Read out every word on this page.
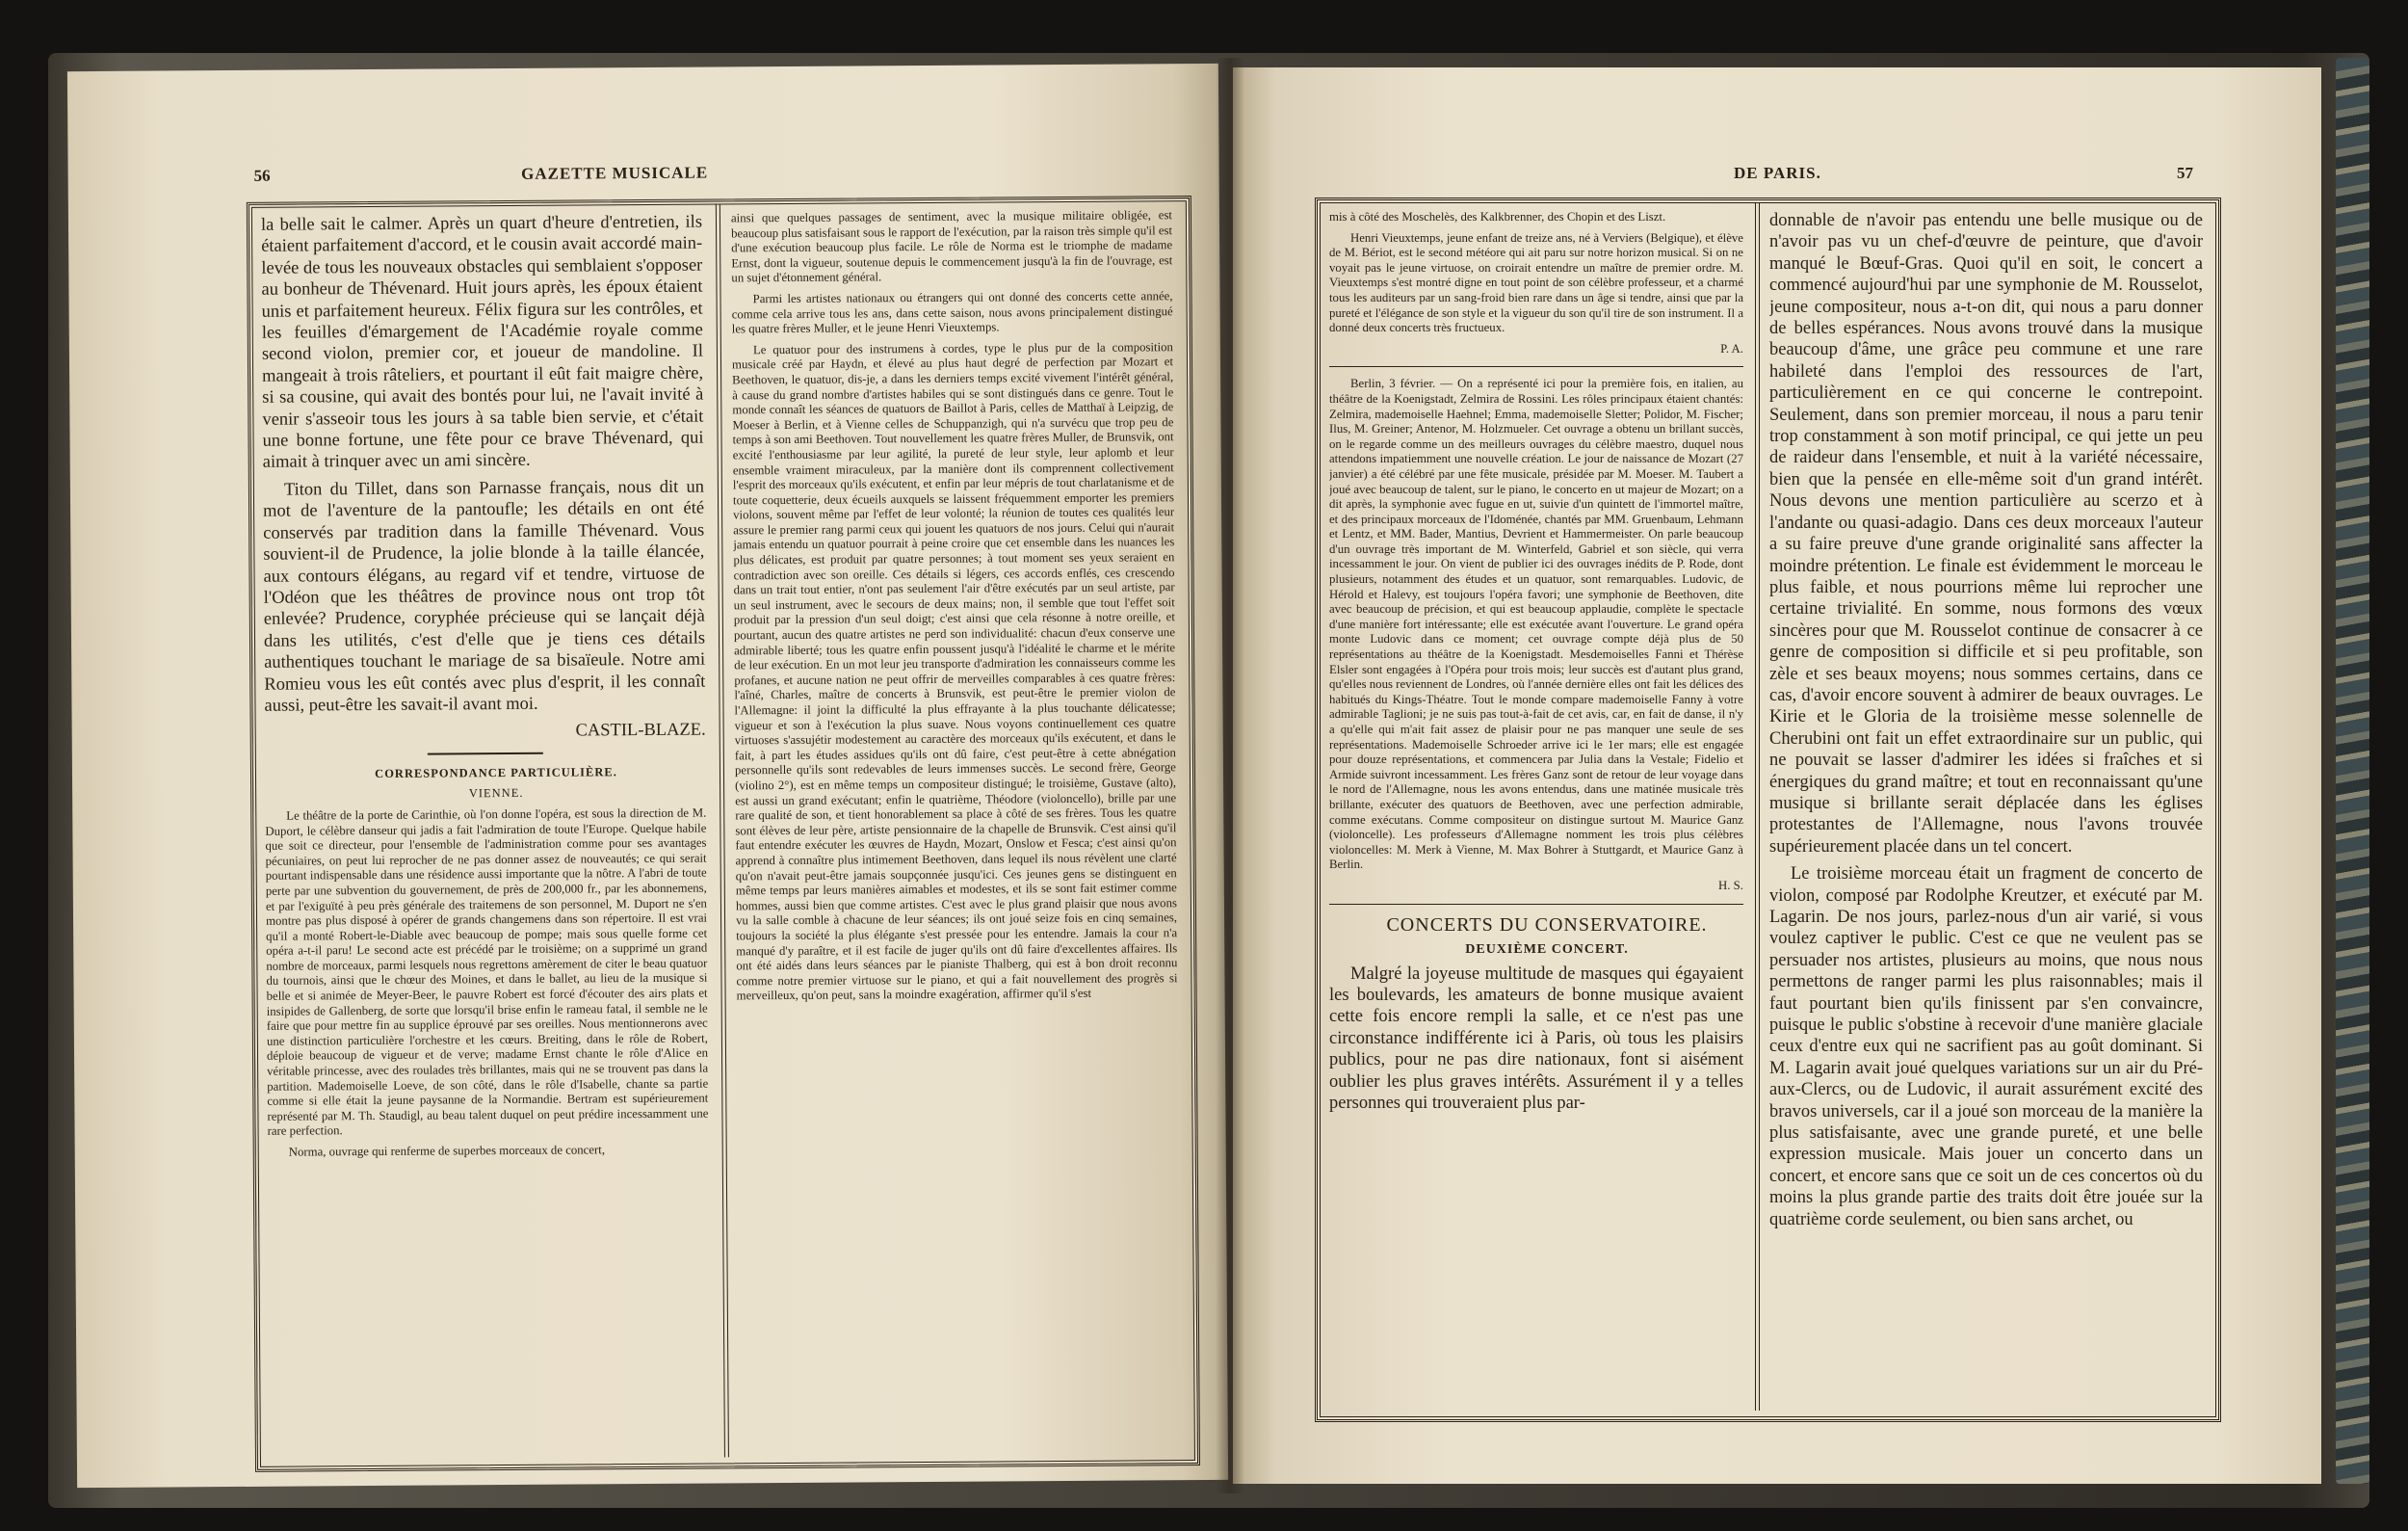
56	GAZETTE MUSICALE

la belle sait le calmer. Après un quart d'heure d'entretien, ils étaient parfaitement d'accord, et le cousin avait accordé main-levée de tous les nouveaux obstacles qui semblaient s'opposer au bonheur de Thévenard. Huit jours après, les époux étaient unis et parfaitement heureux. Félix figura sur les contrôles, et les feuilles d'émargement de l'Académie royale comme second violon, premier cor, et joueur de mandoline. Il mangeait à trois râteliers, et pourtant il eût fait maigre chère, si sa cousine, qui avait des bontés pour lui, ne l'avait invité à venir s'asseoir tous les jours à sa table bien servie, et c'était une bonne fortune, une fête pour ce brave Thévenard, qui aimait à trinquer avec un ami sincère.

Titon du Tillet, dans son Parnasse français, nous dit un mot de l'aventure de la pantoufle; les détails en ont été conservés par tradition dans la famille Thévenard. Vous souvient-il de Prudence, la jolie blonde à la taille élancée, aux contours élégans, au regard vif et tendre, virtuose de l'Odéon que les théâtres de province nous ont trop tôt enlevée? Prudence, coryphée précieuse qui se lançait déjà dans les utilités, c'est d'elle que je tiens ces détails authentiques touchant le mariage de sa bisaïeule. Notre ami Romieu vous les eût contés avec plus d'esprit, il les connaît aussi, peut-être les savait-il avant moi.

CASTIL-BLAZE.

CORRESPONDANCE PARTICULIÈRE.

VIENNE.

Le théâtre de la porte de Carinthie, où l'on donne l'opéra, est sous la direction de M. Duport, le célèbre danseur qui jadis a fait l'admiration de toute l'Europe. Quelque habile que soit ce directeur, pour l'ensemble de l'administration comme pour ses avantages pécuniaires, on peut lui reprocher de ne pas donner assez de nouveautés; ce qui serait pourtant indispensable dans une résidence aussi importante que la nôtre. A l'abri de toute perte par une subvention du gouvernement, de près de 200,000 fr., par les abonnemens, et par l'exiguïté à peu près générale des traitemens de son personnel, M. Duport ne s'en montre pas plus disposé à opérer de grands changemens dans son répertoire. Il est vrai qu'il a monté Robert-le-Diable avec beaucoup de pompe; mais sous quelle forme cet opéra a-t-il paru! Le second acte est précédé par le troisième; on a supprimé un grand nombre de morceaux, parmi lesquels nous regrettons amèrement de citer le beau quatuor du tournois, ainsi que le chœur des Moines, et dans le ballet, au lieu de la musique si belle et si animée de Meyer-Beer, le pauvre Robert est forcé d'écouter des airs plats et insipides de Gallenberg, de sorte que lorsqu'il brise enfin le rameau fatal, il semble ne le faire que pour mettre fin au supplice éprouvé par ses oreilles. Nous mentionnerons avec une distinction particulière l'orchestre et les cœurs. Breiting, dans le rôle de Robert, déploie beaucoup de vigueur et de verve; madame Ernst chante le rôle d'Alice en véritable princesse, avec des roulades très brillantes, mais qui ne se trouvent pas dans la partition. Mademoiselle Loeve, de son côté, dans le rôle d'Isabelle, chante sa partie comme si elle était la jeune paysanne de la Normandie. Bertram est supérieurement représenté par M. Th. Staudigl, au beau talent duquel on peut prédire incessamment une rare perfection.

Norma, ouvrage qui renferme de superbes morceaux de concert,

ainsi que quelques passages de sentiment, avec la musique militaire obligée, est beaucoup plus satisfaisant sous le rapport de l'exécution, par la raison très simple qu'il est d'une exécution beaucoup plus facile. Le rôle de Norma est le triomphe de madame Ernst, dont la vigueur, soutenue depuis le commencement jusqu'à la fin de l'ouvrage, est un sujet d'étonnement général.

Parmi les artistes nationaux ou étrangers qui ont donné des concerts cette année, comme cela arrive tous les ans, dans cette saison, nous avons principalement distingué les quatre frères Muller, et le jeune Henri Vieuxtemps.

Le quatuor pour des instrumens à cordes, type le plus pur de la composition musicale créé par Haydn, et élevé au plus haut degré de perfection par Mozart et Beethoven, le quatuor, dis-je, a dans les derniers temps excité vivement l'intérêt général, à cause du grand nombre d'artistes habiles qui se sont distingués dans ce genre. Tout le monde connaît les séances de quatuors de Baillot à Paris, celles de Matthaï à Leipzig, de Moeser à Berlin, et à Vienne celles de Schuppanzigh, qui n'a survécu que trop peu de temps à son ami Beethoven. Tout nouvellement les quatre frères Muller, de Brunsvik, ont excité l'enthousiasme par leur agilité, la pureté de leur style, leur aplomb et leur ensemble vraiment miraculeux, par la manière dont ils comprennent collectivement l'esprit des morceaux qu'ils exécutent, et enfin par leur mépris de tout charlatanisme et de toute coquetterie, deux écueils auxquels se laissent fréquemment emporter les premiers violons, souvent même par l'effet de leur volonté; la réunion de toutes ces qualités leur assure le premier rang parmi ceux qui jouent les quatuors de nos jours. Celui qui n'aurait jamais entendu un quatuor pourrait à peine croire que cet ensemble dans les nuances les plus délicates, est produit par quatre personnes; à tout moment ses yeux seraient en contradiction avec son oreille. Ces détails si légers, ces accords enflés, ces crescendo dans un trait tout entier, n'ont pas seulement l'air d'être exécutés par un seul artiste, par un seul instrument, avec le secours de deux mains; non, il semble que tout l'effet soit produit par la pression d'un seul doigt; c'est ainsi que cela résonne à notre oreille, et pourtant, aucun des quatre artistes ne perd son individualité: chacun d'eux conserve une admirable liberté; tous les quatre enfin poussent jusqu'à l'idéalité le charme et le mérite de leur exécution. En un mot leur jeu transporte d'admiration les connaisseurs comme les profanes, et aucune nation ne peut offrir de merveilles comparables à ces quatre frères: l'aîné, Charles, maître de concerts à Brunsvik, est peut-être le premier violon de l'Allemagne: il joint la difficulté la plus effrayante à la plus touchante délicatesse; vigueur et son à l'exécution la plus suave. Nous voyons continuellement ces quatre virtuoses s'assujétir modestement au caractère des morceaux qu'ils exécutent, et dans le fait, à part les études assidues qu'ils ont dû faire, c'est peut-être à cette abnégation personnelle qu'ils sont redevables de leurs immenses succès. Le second frère, George (violino 2°), est en même temps un compositeur distingué; le troisième, Gustave (alto), est aussi un grand exécutant; enfin le quatrième, Théodore (violoncello), brille par une rare qualité de son, et tient honorablement sa place à côté de ses frères. Tous les quatre sont élèves de leur père, artiste pensionnaire de la chapelle de Brunsvik. C'est ainsi qu'il faut entendre exécuter les œuvres de Haydn, Mozart, Onslow et Fesca; c'est ainsi qu'on apprend à connaître plus intimement Beethoven, dans lequel ils nous révèlent une clarté qu'on n'avait peut-être jamais soupçonnée jusqu'ici. Ces jeunes gens se distinguent en même temps par leurs manières aimables et modestes, et ils se sont fait estimer comme hommes, aussi bien que comme artistes. C'est avec le plus grand plaisir que nous avons vu la salle comble à chacune de leur séances; ils ont joué seize fois en cinq semaines, toujours la société la plus élégante s'est pressée pour les entendre. Jamais la cour n'a manqué d'y paraître, et il est facile de juger qu'ils ont dû faire d'excellentes affaires. Ils ont été aidés dans leurs séances par le pianiste Thalberg, qui est à bon droit reconnu comme notre premier virtuose sur le piano, et qui a fait nouvellement des progrès si merveilleux, qu'on peut, sans la moindre exagération, affirmer qu'il s'est

DE PARIS.	57

mis à côté des Moschelès, des Kalkbrenner, des Chopin et des Liszt.

Henri Vieuxtemps, jeune enfant de treize ans, né à Verviers (Belgique), et élève de M. Bériot, est le second météore qui ait paru sur notre horizon musical. Si on ne voyait pas le jeune virtuose, on croirait entendre un maître de premier ordre. M. Vieuxtemps s'est montré digne en tout point de son célèbre professeur, et a charmé tous les auditeurs par un sang-froid bien rare dans un âge si tendre, ainsi que par la pureté et l'élégance de son style et la vigueur du son qu'il tire de son instrument. Il a donné deux concerts très fructueux.

P. A.

Berlin, 3 février. — On a représenté ici pour la première fois, en italien, au théâtre de la Koenigstadt, Zelmira de Rossini. Les rôles principaux étaient chantés: Zelmira, mademoiselle Haehnel; Emma, mademoiselle Sletter; Polidor, M. Fischer; Ilus, M. Greiner; Antenor, M. Holzmueler. Cet ouvrage a obtenu un brillant succès, on le regarde comme un des meilleurs ouvrages du célèbre maestro, duquel nous attendons impatiemment une nouvelle création. Le jour de naissance de Mozart (27 janvier) a été célébré par une fête musicale, présidée par M. Moeser. M. Taubert a joué avec beaucoup de talent, sur le piano, le concerto en ut majeur de Mozart; on a dit après, la symphonie avec fugue en ut, suivie d'un quintett de l'immortel maître, et des principaux morceaux de l'Idoménée, chantés par MM. Gruenbaum, Lehmann et Lentz, et MM. Bader, Mantius, Devrient et Hammermeister. On parle beaucoup d'un ouvrage très important de M. Winterfeld, Gabriel et son siècle, qui verra incessamment le jour. On vient de publier ici des ouvrages inédits de P. Rode, dont plusieurs, notamment des études et un quatuor, sont remarquables. Ludovic, de Hérold et Halevy, est toujours l'opéra favori; une symphonie de Beethoven, dite avec beaucoup de précision, et qui est beaucoup applaudie, complète le spectacle d'une manière fort intéressante; elle est exécutée avant l'ouverture. Le grand opéra monte Ludovic dans ce moment; cet ouvrage compte déjà plus de 50 représentations au théâtre de la Koenigstadt. Mesdemoiselles Fanni et Thérèse Elsler sont engagées à l'Opéra pour trois mois; leur succès est d'autant plus grand, qu'elles nous reviennent de Londres, où l'année dernière elles ont fait les délices des habitués du Kings-Théatre. Tout le monde compare mademoiselle Fanny à votre admirable Taglioni; je ne suis pas tout-à-fait de cet avis, car, en fait de danse, il n'y a qu'elle qui m'ait fait assez de plaisir pour ne pas manquer une seule de ses représentations. Mademoiselle Schroeder arrive ici le 1er mars; elle est engagée pour douze représentations, et commencera par Julia dans la Vestale; Fidelio et Armide suivront incessamment. Les frères Ganz sont de retour de leur voyage dans le nord de l'Allemagne, nous les avons entendus, dans une matinée musicale très brillante, exécuter des quatuors de Beethoven, avec une perfection admirable, comme exécutans. Comme compositeur on distingue surtout M. Maurice Ganz (violoncelle). Les professeurs d'Allemagne nomment les trois plus célèbres violoncelles: M. Merk à Vienne, M. Max Bohrer à Stuttgardt, et Maurice Ganz à Berlin.

H. S.

CONCERTS DU CONSERVATOIRE.

DEUXIÈME CONCERT.

Malgré la joyeuse multitude de masques qui égayaient les boulevards, les amateurs de bonne musique avaient cette fois encore rempli la salle, et ce n'est pas une circonstance indifférente ici à Paris, où tous les plaisirs publics, pour ne pas dire nationaux, font si aisément oublier les plus graves intérêts. Assurément il y a telles personnes qui trouveraient plus par-

donnable de n'avoir pas entendu une belle musique ou de n'avoir pas vu un chef-d'œuvre de peinture, que d'avoir manqué le Bœuf-Gras. Quoi qu'il en soit, le concert a commencé aujourd'hui par une symphonie de M. Rousselot, jeune compositeur, nous a-t-on dit, qui nous a paru donner de belles espérances. Nous avons trouvé dans la musique beaucoup d'âme, une grâce peu commune et une rare habileté dans l'emploi des ressources de l'art, particulièrement en ce qui concerne le contrepoint. Seulement, dans son premier morceau, il nous a paru tenir trop constamment à son motif principal, ce qui jette un peu de raideur dans l'ensemble, et nuit à la variété nécessaire, bien que la pensée en elle-même soit d'un grand intérêt. Nous devons une mention particulière au scerzo et à l'andante ou quasi-adagio. Dans ces deux morceaux l'auteur a su faire preuve d'une grande originalité sans affecter la moindre prétention. Le finale est évidemment le morceau le plus faible, et nous pourrions même lui reprocher une certaine trivialité. En somme, nous formons des vœux sincères pour que M. Rousselot continue de consacrer à ce genre de composition si difficile et si peu profitable, son zèle et ses beaux moyens; nous sommes certains, dans ce cas, d'avoir encore souvent à admirer de beaux ouvrages. Le Kirie et le Gloria de la troisième messe solennelle de Cherubini ont fait un effet extraordinaire sur un public, qui ne pouvait se lasser d'admirer les idées si fraîches et si énergiques du grand maître; et tout en reconnaissant qu'une musique si brillante serait déplacée dans les églises protestantes de l'Allemagne, nous l'avons trouvée supérieurement placée dans un tel concert.

Le troisième morceau était un fragment de concerto de violon, composé par Rodolphe Kreutzer, et exécuté par M. Lagarin. De nos jours, parlez-nous d'un air varié, si vous voulez captiver le public. C'est ce que ne veulent pas se persuader nos artistes, plusieurs au moins, que nous nous permettons de ranger parmi les plus raisonnables; mais il faut pourtant bien qu'ils finissent par s'en convaincre, puisque le public s'obstine à recevoir d'une manière glaciale ceux d'entre eux qui ne sacrifient pas au goût dominant. Si M. Lagarin avait joué quelques variations sur un air du Pré-aux-Clercs, ou de Ludovic, il aurait assurément excité des bravos universels, car il a joué son morceau de la manière la plus satisfaisante, avec une grande pureté, et une belle expression musicale. Mais jouer un concerto dans un concert, et encore sans que ce soit un de ces concertos où du moins la plus grande partie des traits doit être jouée sur la quatrième corde seulement, ou bien sans archet, ou
